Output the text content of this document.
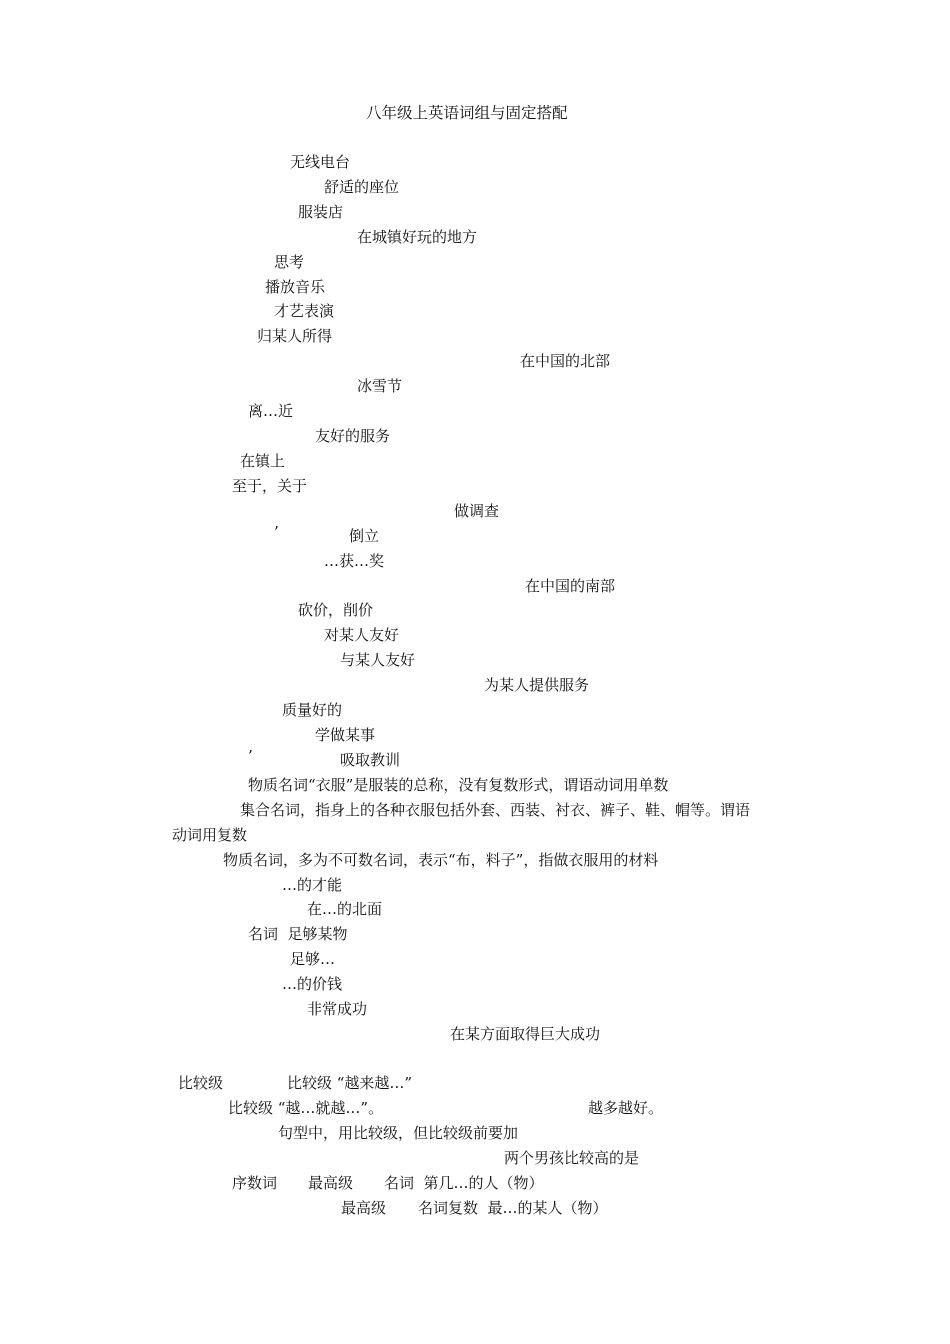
八年级上英语词组与固定搭配
无线电台
舒适的座位
服装店
在城镇好玩的地方
思考
播放音乐
才艺表演
归某人所得
在中国的北部
冰雪节
离…近
友好的服务
在镇上
至于，关于
做调查
’	倒立
…获…奖
在中国的南部
砍价，削价
对某人友好
与某人友好
为某人提供服务
质量好的
学做某事
’	吸取教训
物质名词“衣服”是服装的总称，没有复数形式，谓语动词用单数
集合名词，指身上的各种衣服包括外套、西装、衬衣、裤子、鞋、帽等。谓语
动词用复数
物质名词，多为不可数名词，表示“布，料子”，指做衣服用的材料
…的才能
在…的北面
名词  足够某物
足够…
…的价钱
非常成功
在某方面取得巨大成功
比较级	比较级 “越来越…”
比较级 “越…就越…”。	越多越好。
句型中，用比较级，但比较级前要加
两个男孩比较高的是
序数词 最高级 名词  第几…的人（物）
最高级 名词复数  最…的某人（物）
